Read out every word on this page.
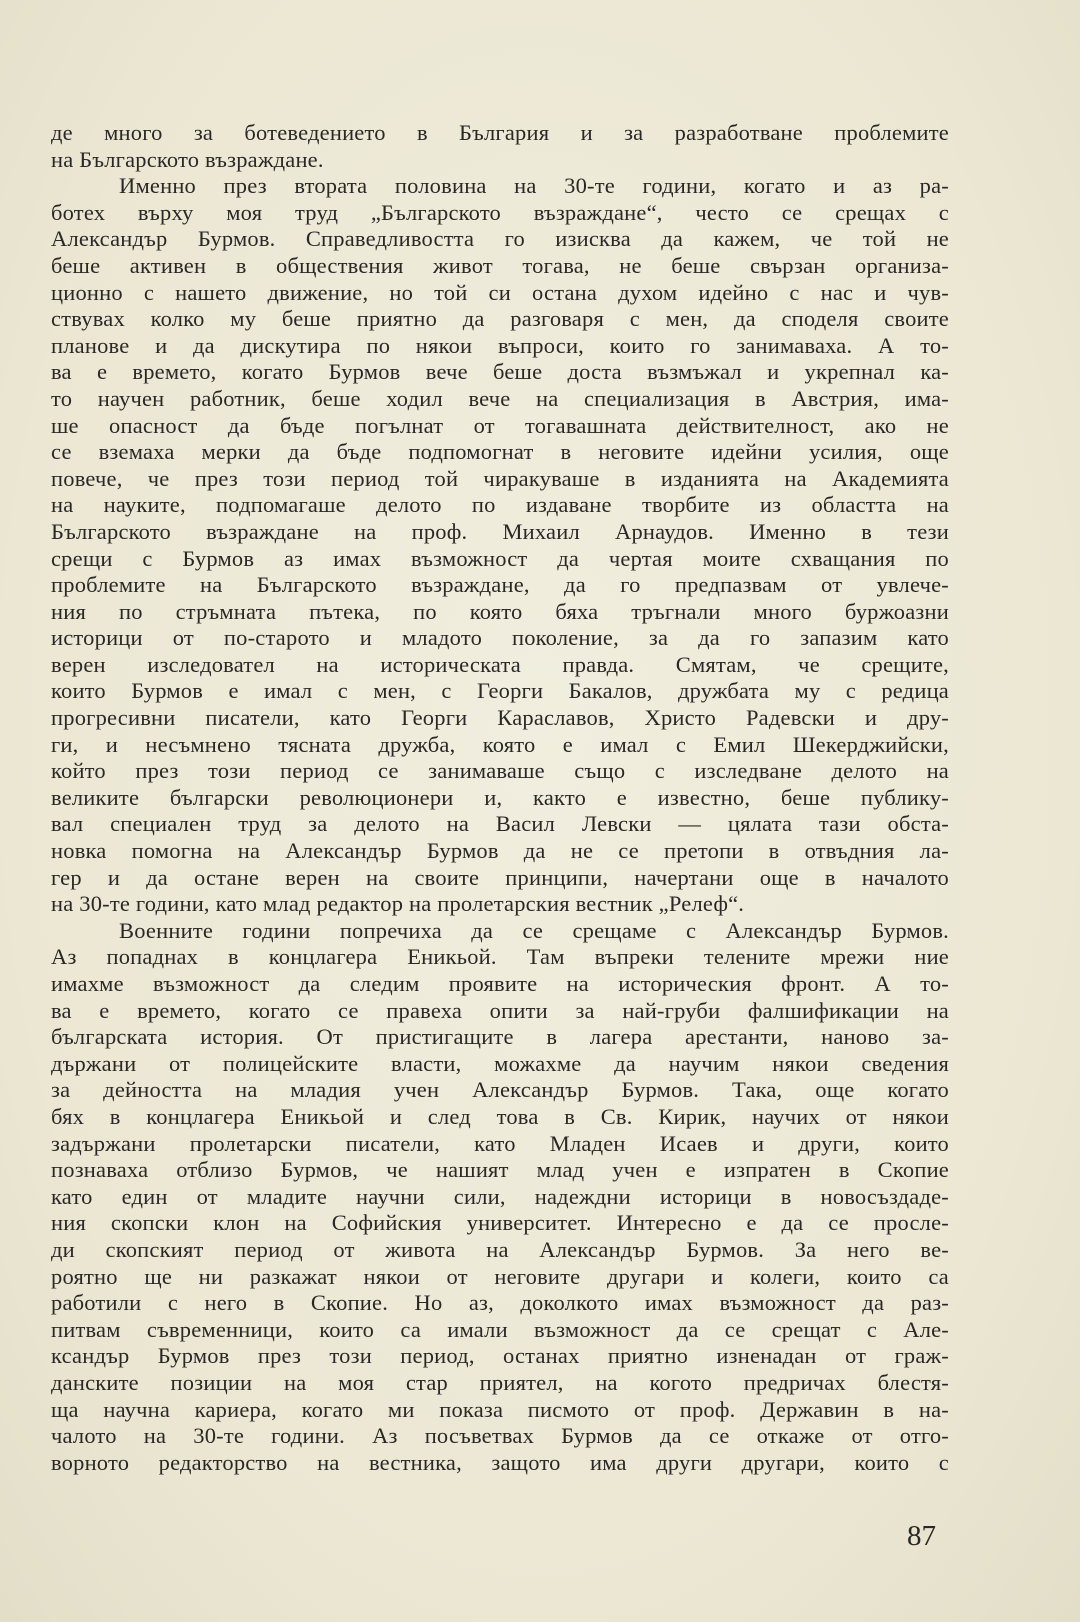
де много за ботеведението в България и за разработване проблемите
на Българското възраждане.
Именно през втората половина на 30-те години, когато и аз ра-
ботех върху моя труд „Българското възраждане“, често се срещах с
Александър Бурмов. Справедливостта го изисква да кажем, че той не
беше активен в обществения живот тогава, не беше свързан организа-
ционно с нашето движение, но той си остана духом идейно с нас и чув-
ствувах колко му беше приятно да разговаря с мен, да споделя своите
планове и да дискутира по някои въпроси, които го занимаваха. А то-
ва е времето, когато Бурмов вече беше доста възмъжал и укрепнал ка-
то научен работник, беше ходил вече на специализация в Австрия, има-
ше опасност да бъде погълнат от тогавашната действителност, ако не
се вземаха мерки да бъде подпомогнат в неговите идейни усилия, още
повече, че през този период той чиракуваше в изданията на Академията
на науките, подпомагаше делото по издаване творбите из областта на
Българското възраждане на проф. Михаил Арнаудов. Именно в тези
срещи с Бурмов аз имах възможност да чертая моите схващания по
проблемите на Българското възраждане, да го предпазвам от увлече-
ния по стръмната пътека, по която бяха тръгнали много буржоазни
историци от по-старото и младото поколение, за да го запазим като
верен изследовател на историческата правда. Смятам, че срещите,
които Бурмов е имал с мен, с Георги Бакалов, дружбата му с редица
прогресивни писатели, като Георги Караславов, Христо Радевски и дру-
ги, и несъмнено тясната дружба, която е имал с Емил Шекерджийски,
който през този период се занимаваше също с изследване делото на
великите български революционери и, както е известно, беше публику-
вал специален труд за делото на Васил Левски — цялата тази обста-
новка помогна на Александър Бурмов да не се претопи в отвъдния ла-
гер и да остане верен на своите принципи, начертани още в началото
на 30-те години, като млад редактор на пролетарския вестник „Релеф“.
Военните години попречиха да се срещаме с Александър Бурмов.
Аз попаднах в концлагера Еникьой. Там въпреки телените мрежи ние
имахме възможност да следим проявите на историческия фронт. А то-
ва е времето, когато се правеха опити за най-груби фалшификации на
българската история. От пристигащите в лагера арестанти, наново за-
държани от полицейските власти, можахме да научим някои сведения
за дейността на младия учен Александър Бурмов. Така, още когато
бях в концлагера Еникьой и след това в Св. Кирик, научих от някои
задържани пролетарски писатели, като Младен Исаев и други, които
познаваха отблизо Бурмов, че нашият млад учен е изпратен в Скопие
като един от младите научни сили, надеждни историци в новосъздаде-
ния скопски клон на Софийския университет. Интересно е да се просле-
ди скопският период от живота на Александър Бурмов. За него ве-
роятно ще ни разкажат някои от неговите другари и колеги, които са
работили с него в Скопие. Но аз, доколкото имах възможност да раз-
питвам съвременници, които са имали възможност да се срещат с Але-
ксандър Бурмов през този период, останах приятно изненадан от граж-
данските позиции на моя стар приятел, на когото предричах блестя-
ща научна кариера, когато ми показа писмото от проф. Державин в на-
чалото на 30-те години. Аз посъветвах Бурмов да се откаже от отго-
ворното редакторство на вестника, защото има други другари, които с
87
